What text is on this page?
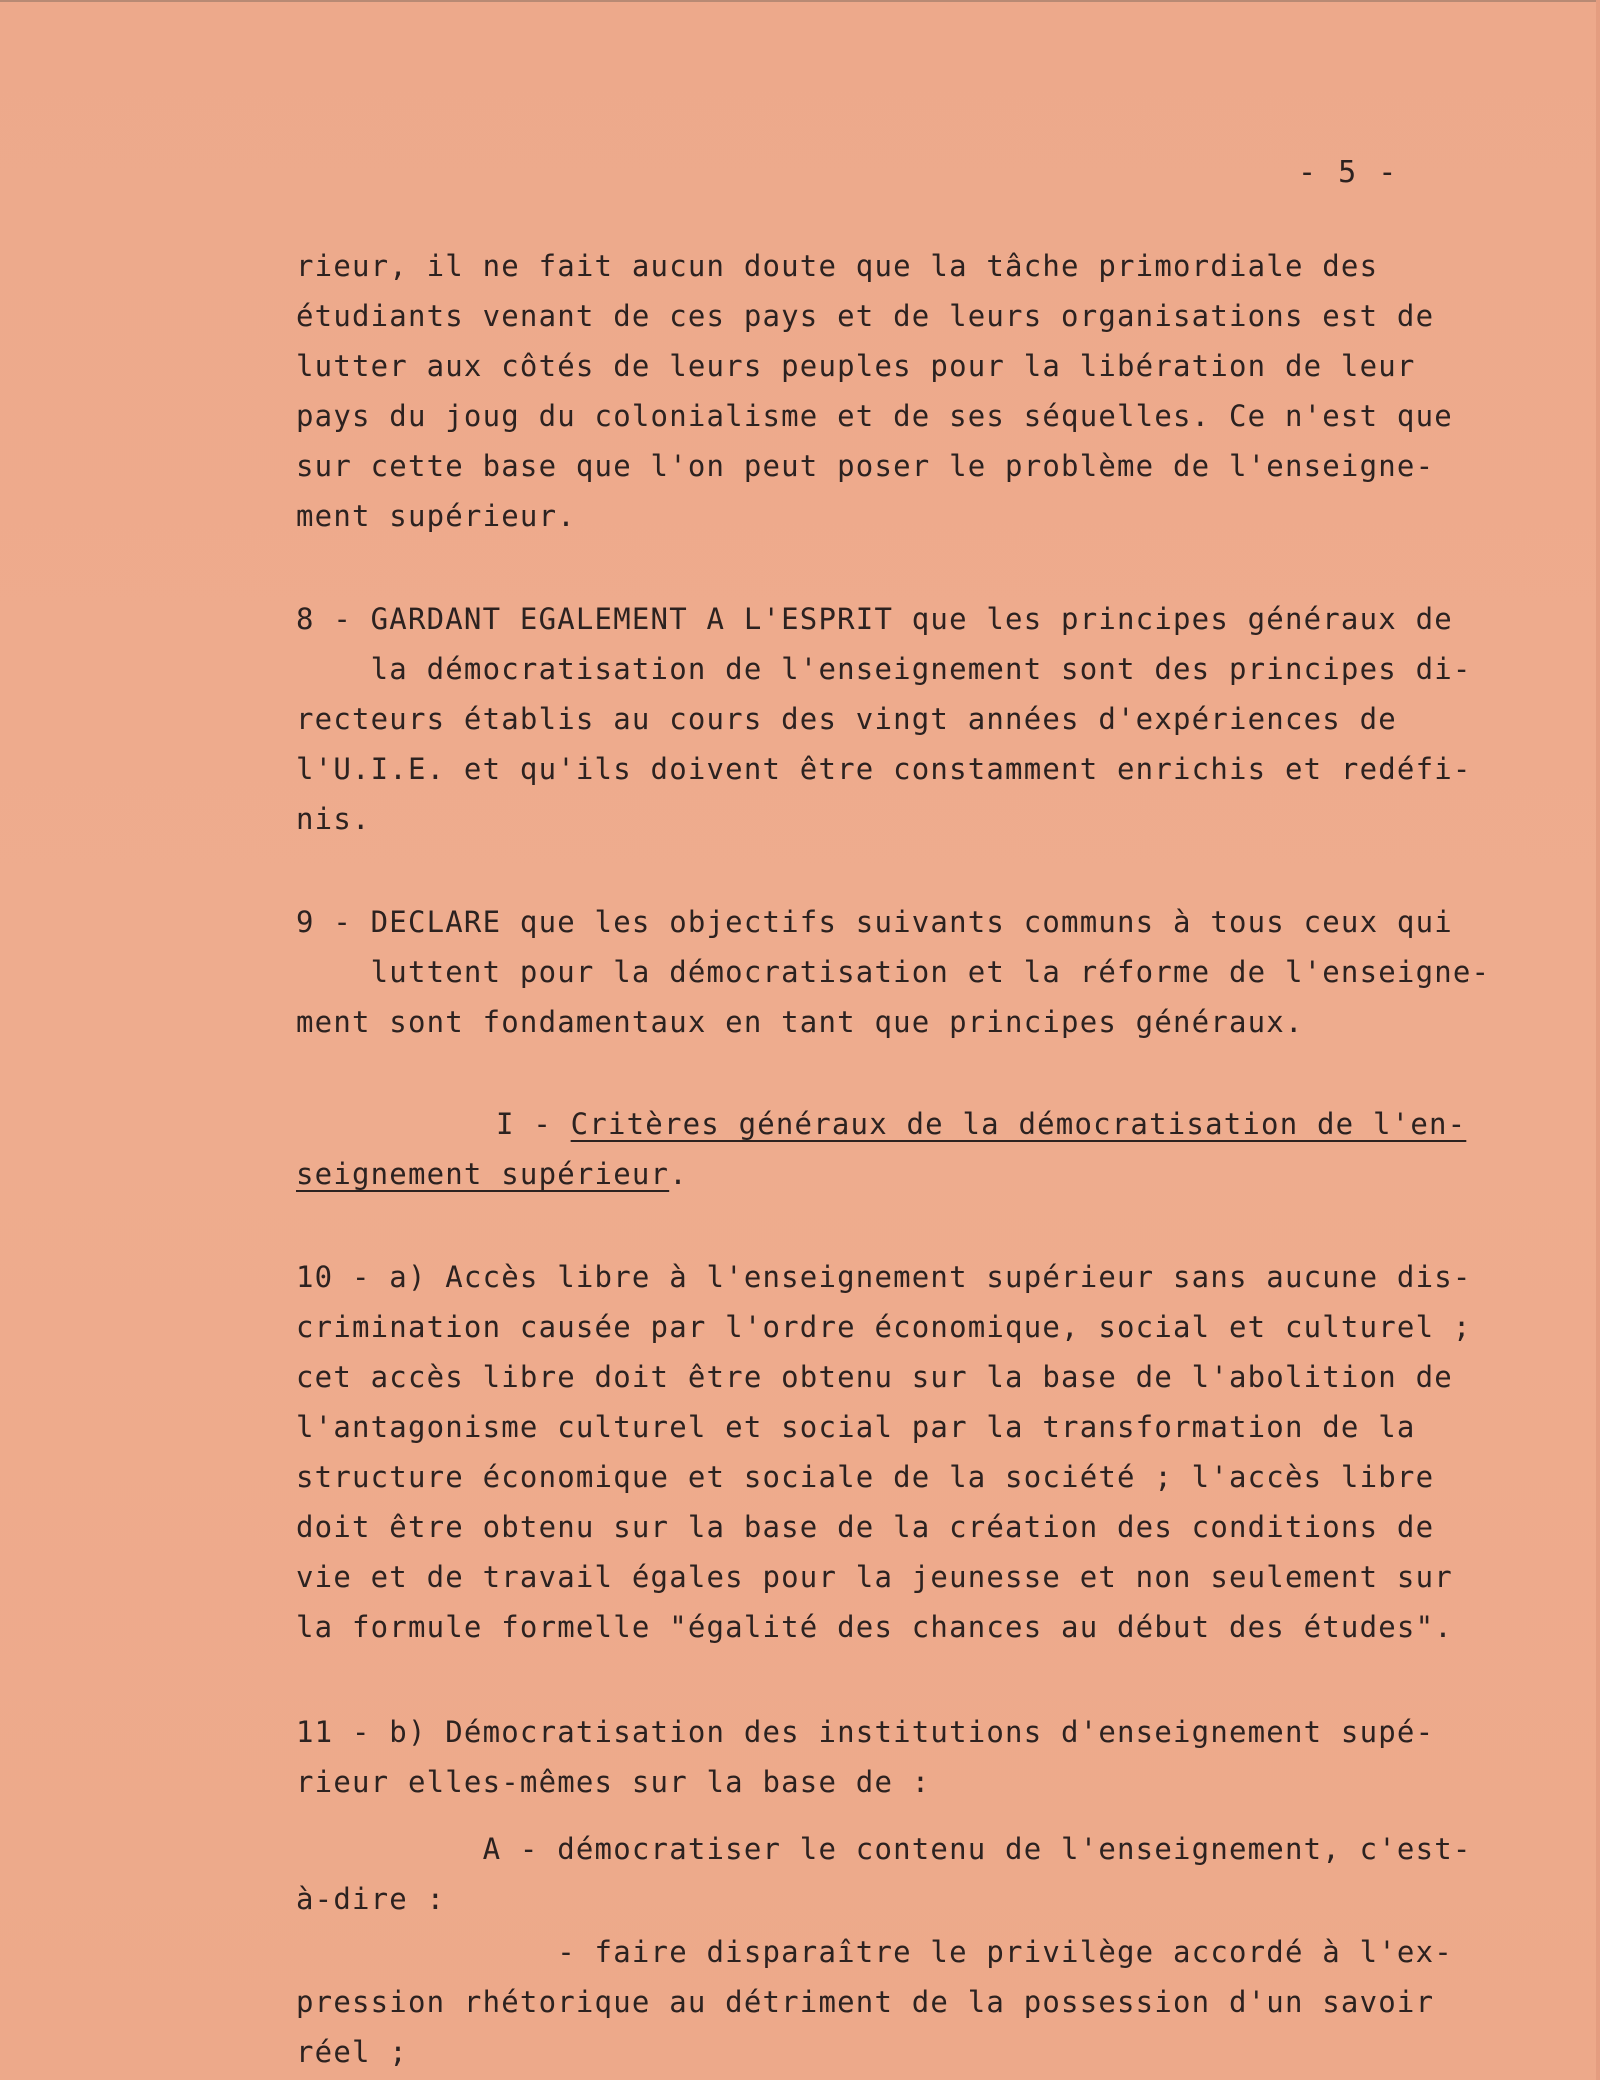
- 5 -

rieur, il ne fait aucun doute que la tâche primordiale des

étudiants venant de ces pays et de leurs organisations est de

lutter aux côtés de leurs peuples pour la libération de leur

pays du joug du colonialisme et de ses séquelles. Ce n'est que

sur cette base que l'on peut poser le problème de l'enseigne-

ment supérieur.

8 - GARDANT EGALEMENT A L'ESPRIT que les principes généraux de

la démocratisation de l'enseignement sont des principes di-

recteurs établis au cours des vingt années d'expériences de

l'U.I.E. et qu'ils doivent être constamment enrichis et redéfi-

nis.

9 - DECLARE que les objectifs suivants communs à tous ceux qui

luttent pour la démocratisation et la réforme de l'enseigne-

ment sont fondamentaux en tant que principes généraux.

I - Critères généraux de la démocratisation de l'en-

seignement supérieur.

10 - a) Accès libre à l'enseignement supérieur sans aucune dis-

crimination causée par l'ordre économique, social et culturel ;

cet accès libre doit être obtenu sur la base de l'abolition de

l'antagonisme culturel et social par la transformation de la

structure économique et sociale de la société ; l'accès libre

doit être obtenu sur la base de la création des conditions de

vie et de travail égales pour la jeunesse et non seulement sur

la formule formelle "égalité des chances au début des études".

11 - b) Démocratisation des institutions d'enseignement supé-

rieur elles-mêmes sur la base de :

A - démocratiser le contenu de l'enseignement, c'est-

à-dire :

- faire disparaître le privilège accordé à l'ex-

pression rhétorique au détriment de la possession d'un savoir

réel ;
